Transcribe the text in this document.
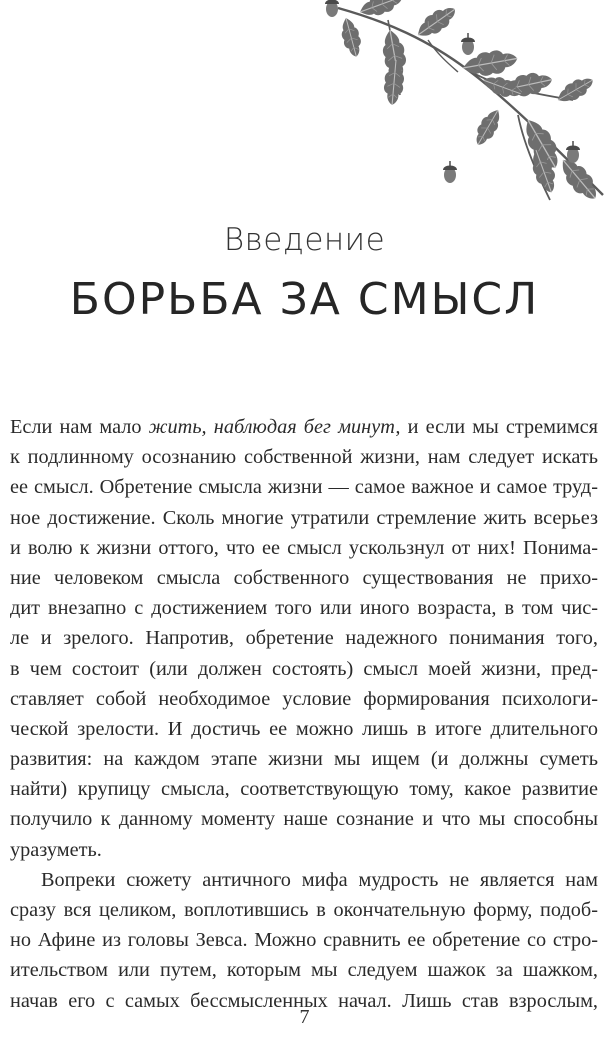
Введение
БОРЬБА ЗА СМЫСЛ
Если нам мало жить, наблюдая бег минут, и если мы стремимся
к подлинному осознанию собственной жизни, нам следует искать
ее смысл. Обретение смысла жизни — самое важное и самое труд-
ное достижение. Сколь многие утратили стремление жить всерьез
и волю к жизни оттого, что ее смысл ускользнул от них! Понима-
ние человеком смысла собственного существования не прихо-
дит внезапно с достижением того или иного возраста, в том чис-
ле и зрелого. Напротив, обретение надежного понимания того,
в чем состоит (или должен состоять) смысл моей жизни, пред-
ставляет собой необходимое условие формирования психологи-
ческой зрелости. И достичь ее можно лишь в итоге длительного
развития: на каждом этапе жизни мы ищем (и должны суметь
найти) крупицу смысла, соответствующую тому, какое развитие
получило к данному моменту наше сознание и что мы способны
уразуметь.
Вопреки сюжету античного мифа мудрость не является нам
сразу вся целиком, воплотившись в окончательную форму, подоб-
но Афине из головы Зевса. Можно сравнить ее обретение со стро-
ительством или путем, которым мы следуем шажок за шажком,
начав его с самых бессмысленных начал. Лишь став взрослым,
7
